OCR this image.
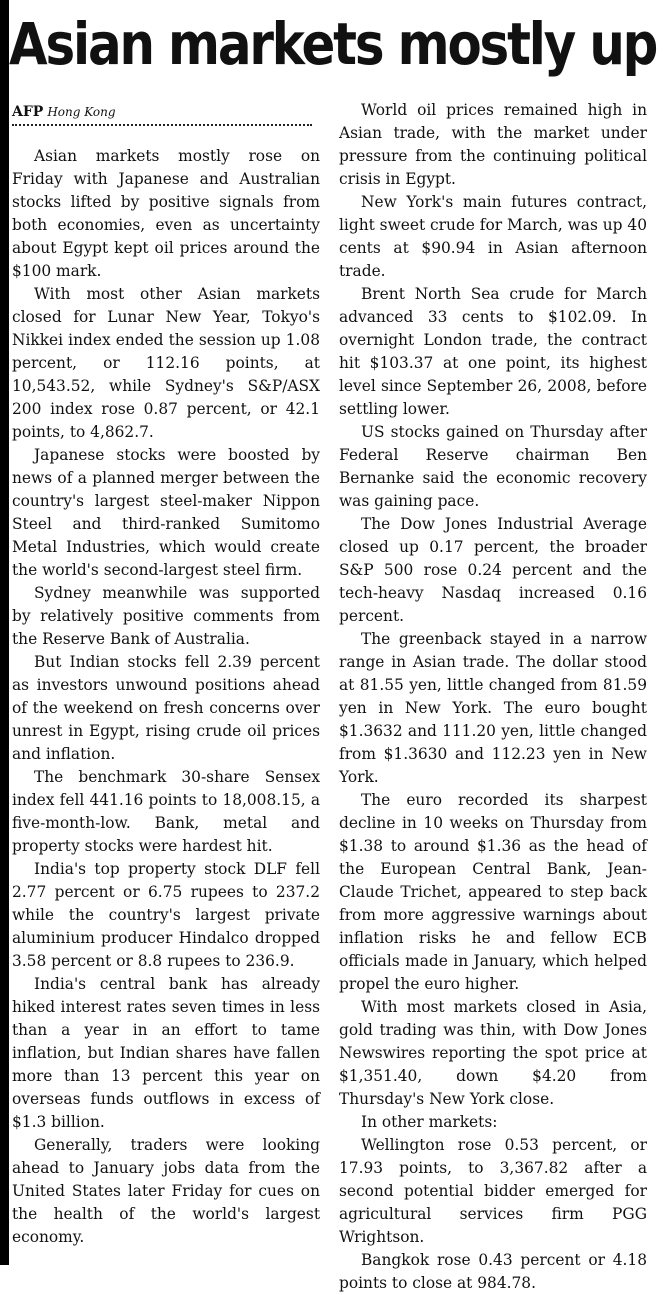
Asian markets mostly up
AFP Hong Kong

Asian markets mostly rose on Friday with Japanese and Australian stocks lifted by positive signals from both economies, even as uncertainty about Egypt kept oil prices around the $100 mark.

With most other Asian markets closed for Lunar New Year, Tokyo's Nikkei index ended the session up 1.08 percent, or 112.16 points, at 10,543.52, while Sydney's S&P/ASX 200 index rose 0.87 percent, or 42.1 points, to 4,862.7.

Japanese stocks were boosted by news of a planned merger between the country's largest steel-maker Nippon Steel and third-ranked Sumitomo Metal Industries, which would create the world's second-largest steel firm.

Sydney meanwhile was supported by relatively positive comments from the Reserve Bank of Australia.

But Indian stocks fell 2.39 percent as investors unwound positions ahead of the weekend on fresh concerns over unrest in Egypt, rising crude oil prices and inflation.

The benchmark 30-share Sensex index fell 441.16 points to 18,008.15, a five-month-low. Bank, metal and property stocks were hardest hit.

India's top property stock DLF fell 2.77 percent or 6.75 rupees to 237.2 while the country's largest private aluminium producer Hindalco dropped 3.58 percent or 8.8 rupees to 236.9.

India's central bank has already hiked interest rates seven times in less than a year in an effort to tame inflation, but Indian shares have fallen more than 13 percent this year on overseas funds outflows in excess of $1.3 billion.

Generally, traders were looking ahead to January jobs data from the United States later Friday for cues on the health of the world's largest economy.

World oil prices remained high in Asian trade, with the market under pressure from the continuing political crisis in Egypt.

New York's main futures contract, light sweet crude for March, was up 40 cents at $90.94 in Asian afternoon trade.

Brent North Sea crude for March advanced 33 cents to $102.09. In overnight London trade, the contract hit $103.37 at one point, its highest level since September 26, 2008, before settling lower.

US stocks gained on Thursday after Federal Reserve chairman Ben Bernanke said the economic recovery was gaining pace.

The Dow Jones Industrial Average closed up 0.17 percent, the broader S&P 500 rose 0.24 percent and the tech-heavy Nasdaq increased 0.16 percent.

The greenback stayed in a narrow range in Asian trade. The dollar stood at 81.55 yen, little changed from 81.59 yen in New York. The euro bought $1.3632 and 111.20 yen, little changed from $1.3630 and 112.23 yen in New York.

The euro recorded its sharpest decline in 10 weeks on Thursday from $1.38 to around $1.36 as the head of the European Central Bank, Jean-Claude Trichet, appeared to step back from more aggressive warnings about inflation risks he and fellow ECB officials made in January, which helped propel the euro higher.

With most markets closed in Asia, gold trading was thin, with Dow Jones Newswires reporting the spot price at $1,351.40, down $4.20 from Thursday's New York close.

In other markets:

Wellington rose 0.53 percent, or 17.93 points, to 3,367.82 after a second potential bidder emerged for agricultural services firm PGG Wrightson.

Bangkok rose 0.43 percent or 4.18 points to close at 984.78.
